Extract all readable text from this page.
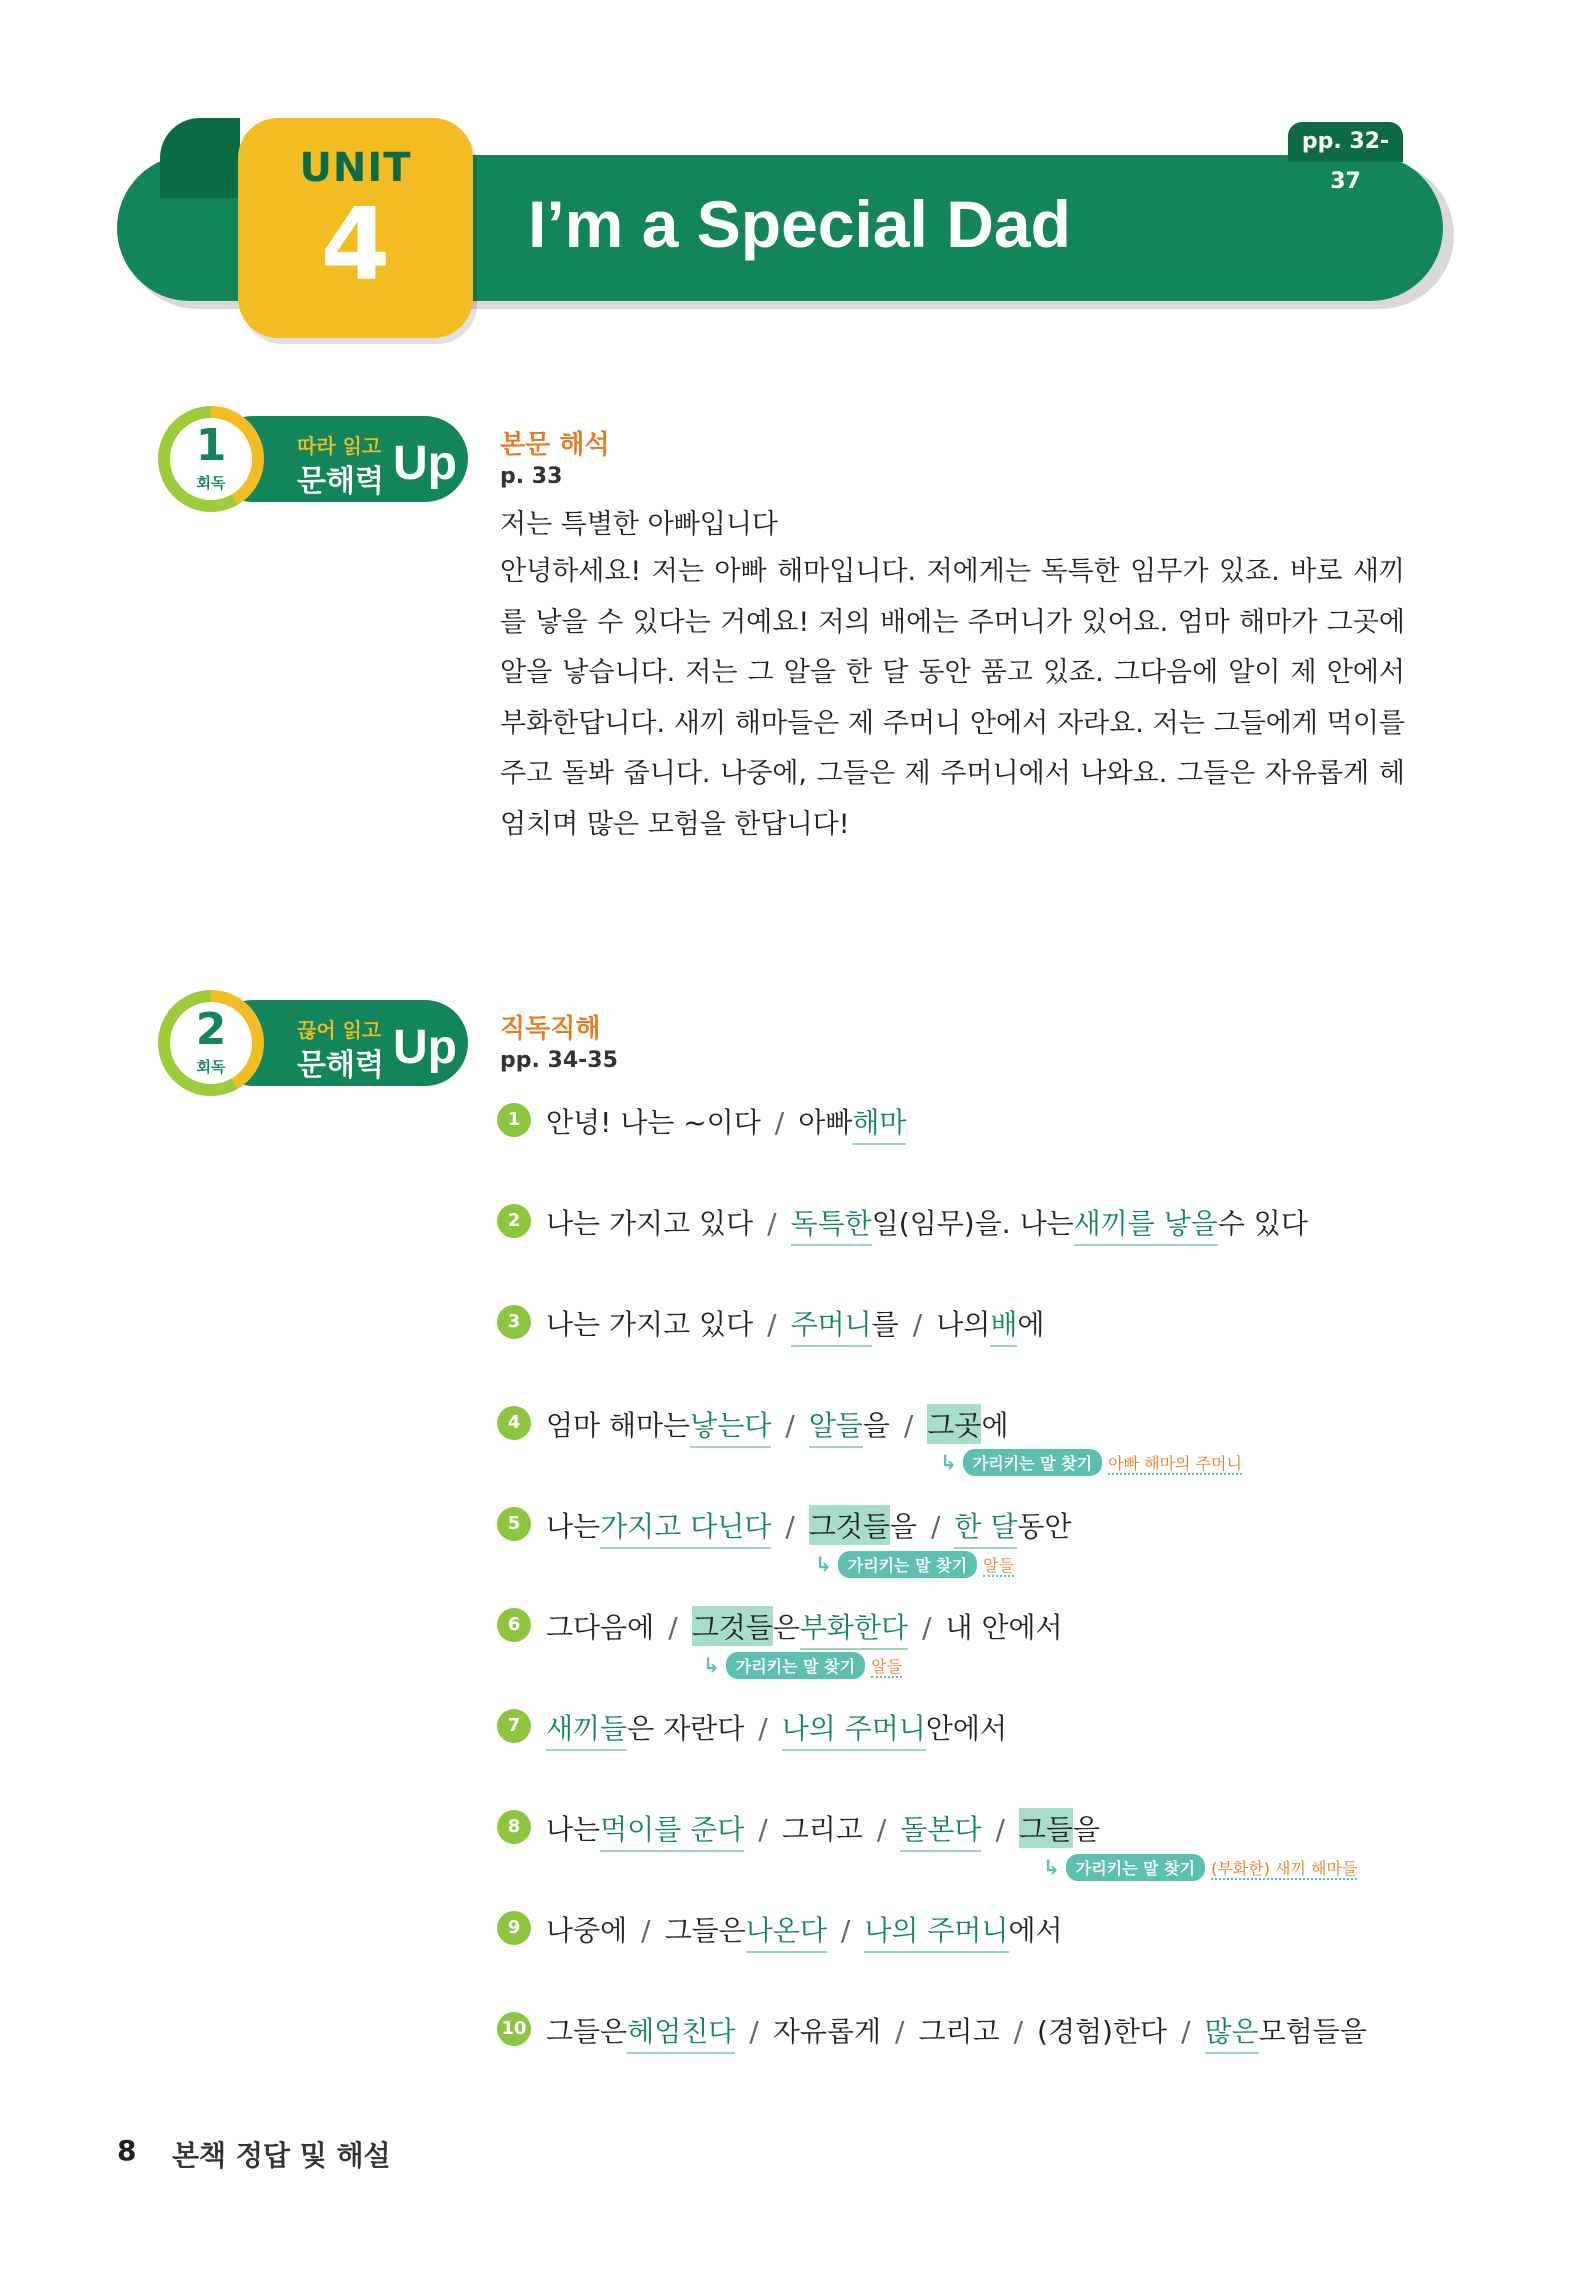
pp. 32-37
UNIT
4	I’m a Special Dad
1
회독
따라 읽고
문해력 Up 본문 해석
p. 33
저는 특별한 아빠입니다
안녕하세요! 저는 아빠 해마입니다. 저에게는 독특한 임무가 있죠. 바로 새끼를 낳을 수 있다는 거예요! 저의 배에는 주머니가 있어요. 엄마 해마가 그곳에 알을 낳습니다. 저는 그 알을 한 달 동안 품고 있죠. 그다음에 알이 제 안에서 부화한답니다. 새끼 해마들은 제 주머니 안에서 자라요. 저는 그들에게 먹이를 주고 돌봐 줍니다. 나중에, 그들은 제 주머니에서 나와요. 그들은 자유롭게 헤엄치며 많은 모험을 한답니다!
2
회독
끊어 읽고
문해력 Up 직독직해
pp. 34-35
1 안녕! 나는 ~이다 / 아빠해마
2 나는 가지고 있다 / 독특한일(임무)을. 나는새끼를 낳을수 있다
3 나는 가지고 있다 / 주머니를 / 나의배에
4 엄마 해마는낳는다 / 알들을 / 그곳에
↳ 가리키는 말 찾기 아빠 해마의 주머니
5 나는가지고 다닌다 / 그것들을 / 한 달동안
↳ 가리키는 말 찾기 알들
6 그다음에 / 그것들은부화한다 / 내 안에서
↳ 가리키는 말 찾기 알들
7 새끼들은 자란다 / 나의 주머니안에서
8 나는먹이를 준다 / 그리고 / 돌본다 / 그들을
↳ 가리키는 말 찾기 (부화한) 새끼 해마들
9 나중에 / 그들은나온다 / 나의 주머니에서
10 그들은헤엄친다 / 자유롭게 / 그리고 / (경험)한다 / 많은모험들을
8 본책 정답 및 해설
